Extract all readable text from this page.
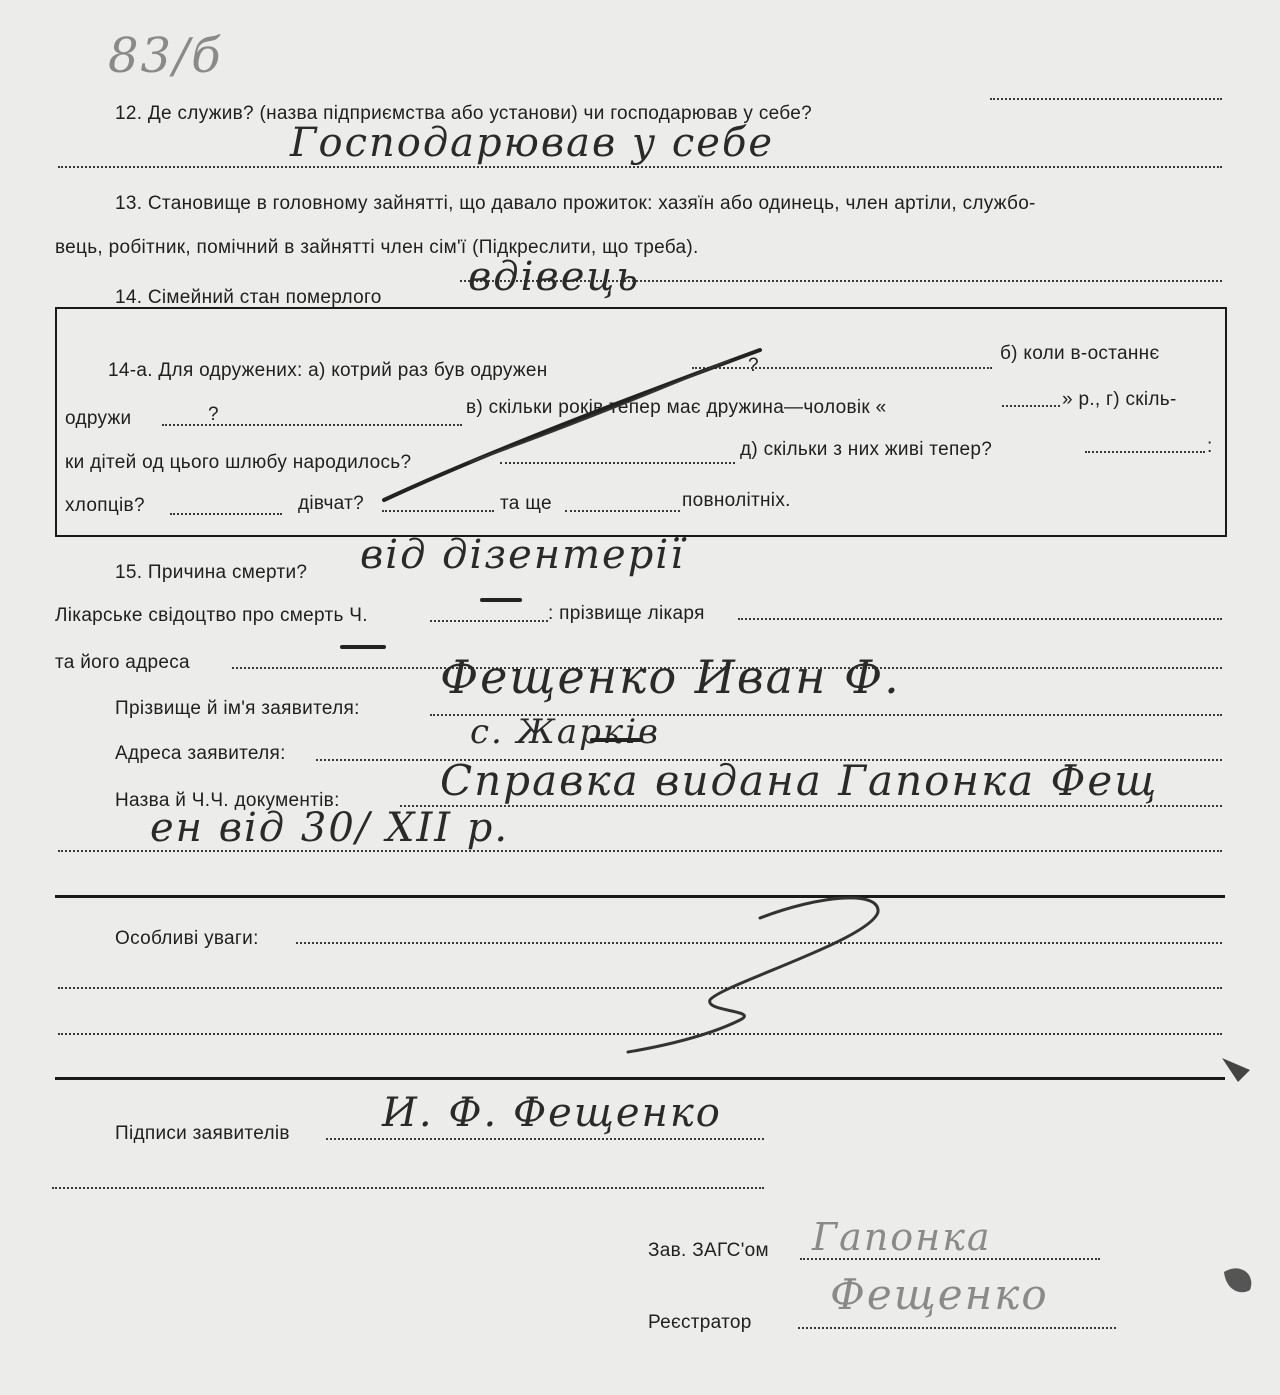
83/б
12. Де служив? (назва підприємства або установи) чи господарював у себе?
Господарював у себе
13. Становище в головному зайнятті, що давало прожиток: хазяїн або одинець, член артіли, службо-
вець, робітник, помічний в зайнятті член сім'ї (Підкреслити, що треба).
14. Сімейний стан померлого вдівець
14-а. Для одружених: а) котрий раз був одружен	?
б) коли в-останнє
одружи	?	в) скільки років тепер має дружина—чоловік «	» р., г) скіль-
ки дітей од цього шлюбу народилось?
д) скільки з них живі тепер?	:
хлопців?	дівчат?	та ще	повнолітніх.
15. Причина смерти? від дізентерії
Лікарське свідоцтво про смерть Ч.	: прізвище лікаря
та його адреса
Прізвище й ім'я заявителя:
Фещенко Иван Ф.
Адреса заявителя:
с. Жарків
Назва й Ч.Ч. документів: Справка видана Гапонка Фещ
ен від 30/ XII р.
Особливі уваги:
Підписи заявителів И. Ф. Фещенко
Зав. ЗАГС'ом Гапонка
Реєстратор
Фещенко
